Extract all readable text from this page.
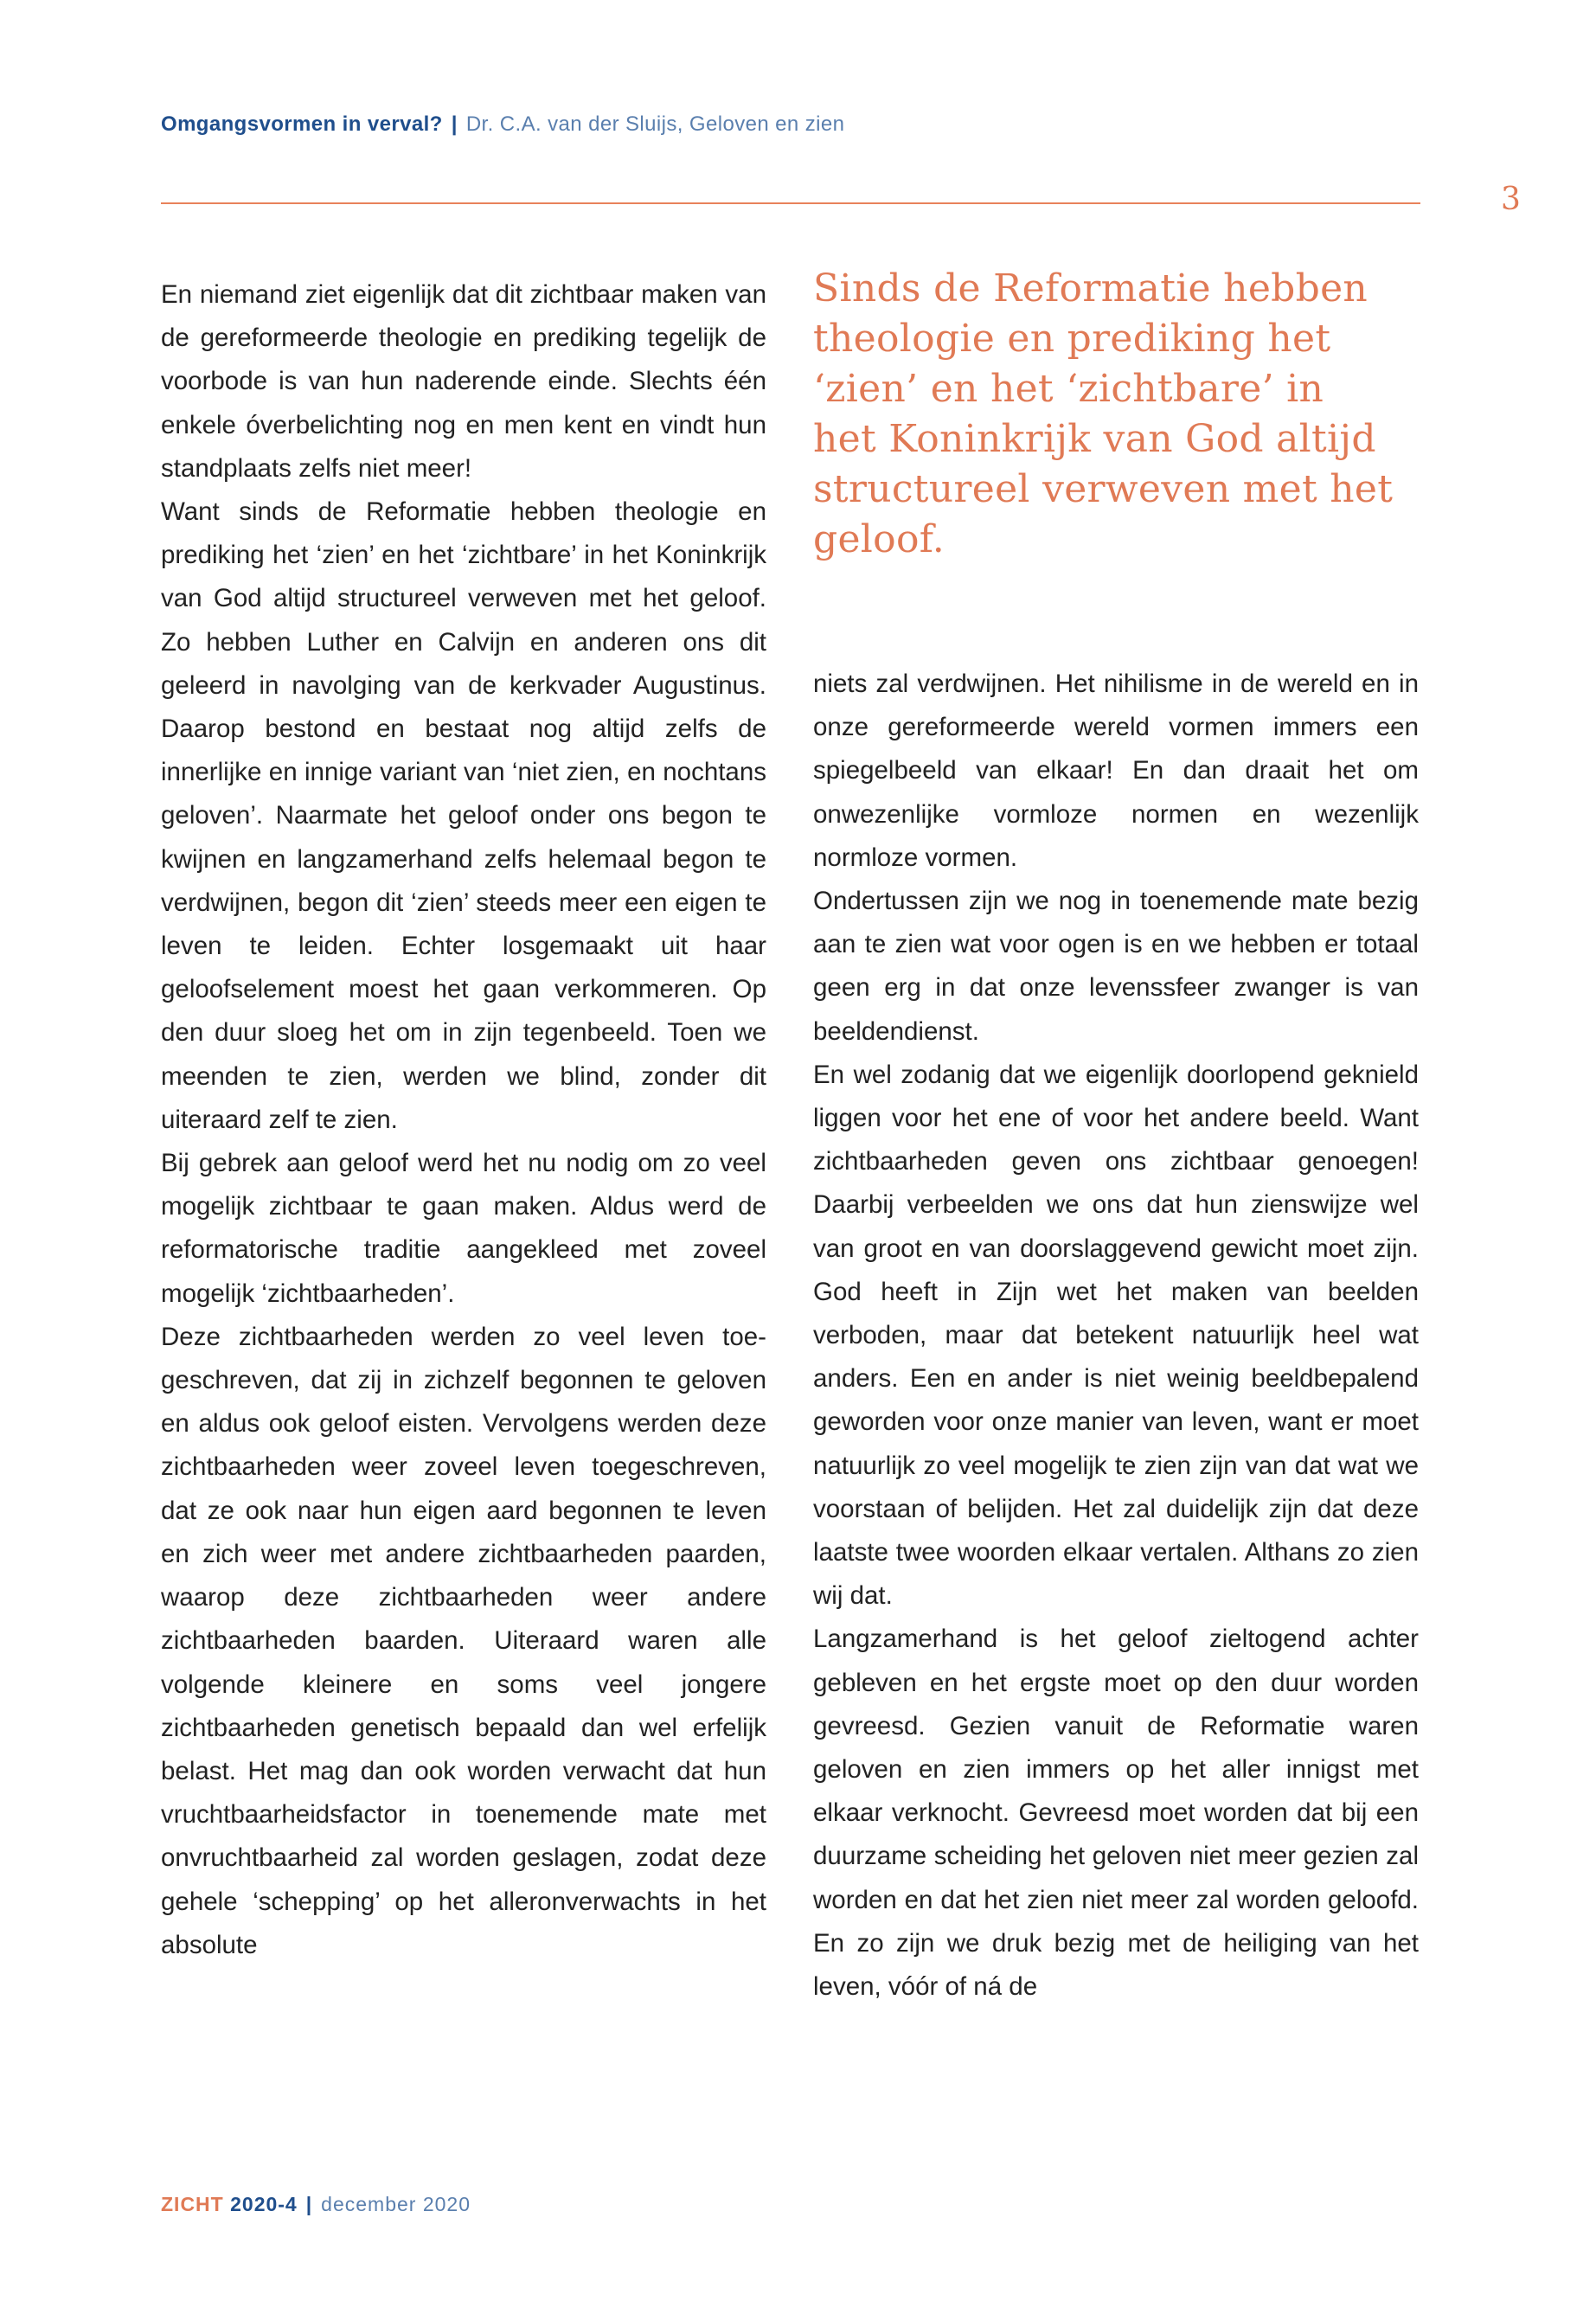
Omgangsvormen in verval? | Dr. C.A. van der Sluijs, Geloven en zien
3

En niemand ziet eigenlijk dat dit zichtbaar maken van de gereformeerde theologie en prediking tegelijk de voorbode is van hun naderende einde. Slechts één enkele óverbelichting nog en men kent en vindt hun standplaats zelfs niet meer!

Want sinds de Reformatie hebben theologie en prediking het ‘zien’ en het ‘zichtbare’ in het Koninkrijk van God altijd structureel verweven met het geloof. Zo hebben Luther en Calvijn en anderen ons dit geleerd in navolging van de kerkvader Augustinus. Daarop bestond en bestaat nog altijd zelfs de innerlijke en innige variant van ‘niet zien, en nochtans geloven’. Naarmate het geloof onder ons begon te kwijnen en langzamerhand zelfs helemaal begon te verdwijnen, begon dit ‘zien’ steeds meer een eigen te leven te leiden. Echter losgemaakt uit haar geloofselement moest het gaan verkommeren. Op den duur sloeg het om in zijn tegenbeeld. Toen we meenden te zien, werden we blind, zonder dit uiteraard zelf te zien.

Bij gebrek aan geloof werd het nu nodig om zo veel mogelijk zichtbaar te gaan maken. Aldus werd de reformatorische traditie aangekleed met zoveel mogelijk ‘zichtbaarheden’.

Deze zichtbaarheden werden zo veel leven toegeschreven, dat zij in zichzelf begonnen te geloven en aldus ook geloof eisten. Vervolgens werden deze zichtbaarheden weer zoveel leven toegeschreven, dat ze ook naar hun eigen aard begonnen te leven en zich weer met andere zichtbaarheden paarden, waarop deze zichtbaarheden weer andere zichtbaarheden baarden. Uiteraard waren alle volgende kleinere en soms veel jongere zichtbaarheden genetisch bepaald dan wel erfelijk belast. Het mag dan ook worden verwacht dat hun vruchtbaarheidsfactor in toenemende mate met onvruchtbaarheid zal worden geslagen, zodat deze gehele ‘schepping’ op het alleronverwachts in het absolute

Sinds de Reformatie hebben
theologie en prediking het
‘zien’ en het ‘zichtbare’ in
het Koninkrijk van God altijd
structureel verweven met het
geloof.

niets zal verdwijnen. Het nihilisme in de wereld en in onze gereformeerde wereld vormen immers een spiegelbeeld van elkaar! En dan draait het om onwezenlijke vormloze normen en wezenlijk normloze vormen.

Ondertussen zijn we nog in toenemende mate bezig aan te zien wat voor ogen is en we hebben er totaal geen erg in dat onze levenssfeer zwanger is van beeldendienst.

En wel zodanig dat we eigenlijk doorlopend geknield liggen voor het ene of voor het andere beeld. Want zichtbaarheden geven ons zichtbaar genoegen! Daarbij verbeelden we ons dat hun zienswijze wel van groot en van doorslaggevend gewicht moet zijn. God heeft in Zijn wet het maken van beelden verboden, maar dat betekent natuurlijk heel wat anders. Een en ander is niet weinig beeldbepalend geworden voor onze manier van leven, want er moet natuurlijk zo veel mogelijk te zien zijn van dat wat we voorstaan of belijden. Het zal duidelijk zijn dat deze laatste twee woorden elkaar vertalen. Althans zo zien wij dat.

Langzamerhand is het geloof zieltogend achter gebleven en het ergste moet op den duur worden gevreesd. Gezien vanuit de Reformatie waren geloven en zien immers op het aller innigst met elkaar verknocht. Gevreesd moet worden dat bij een duurzame scheiding het geloven niet meer gezien zal worden en dat het zien niet meer zal worden geloofd. En zo zijn we druk bezig met de heiliging van het leven, vóór of ná de

ZICHT 2020-4 | december 2020
